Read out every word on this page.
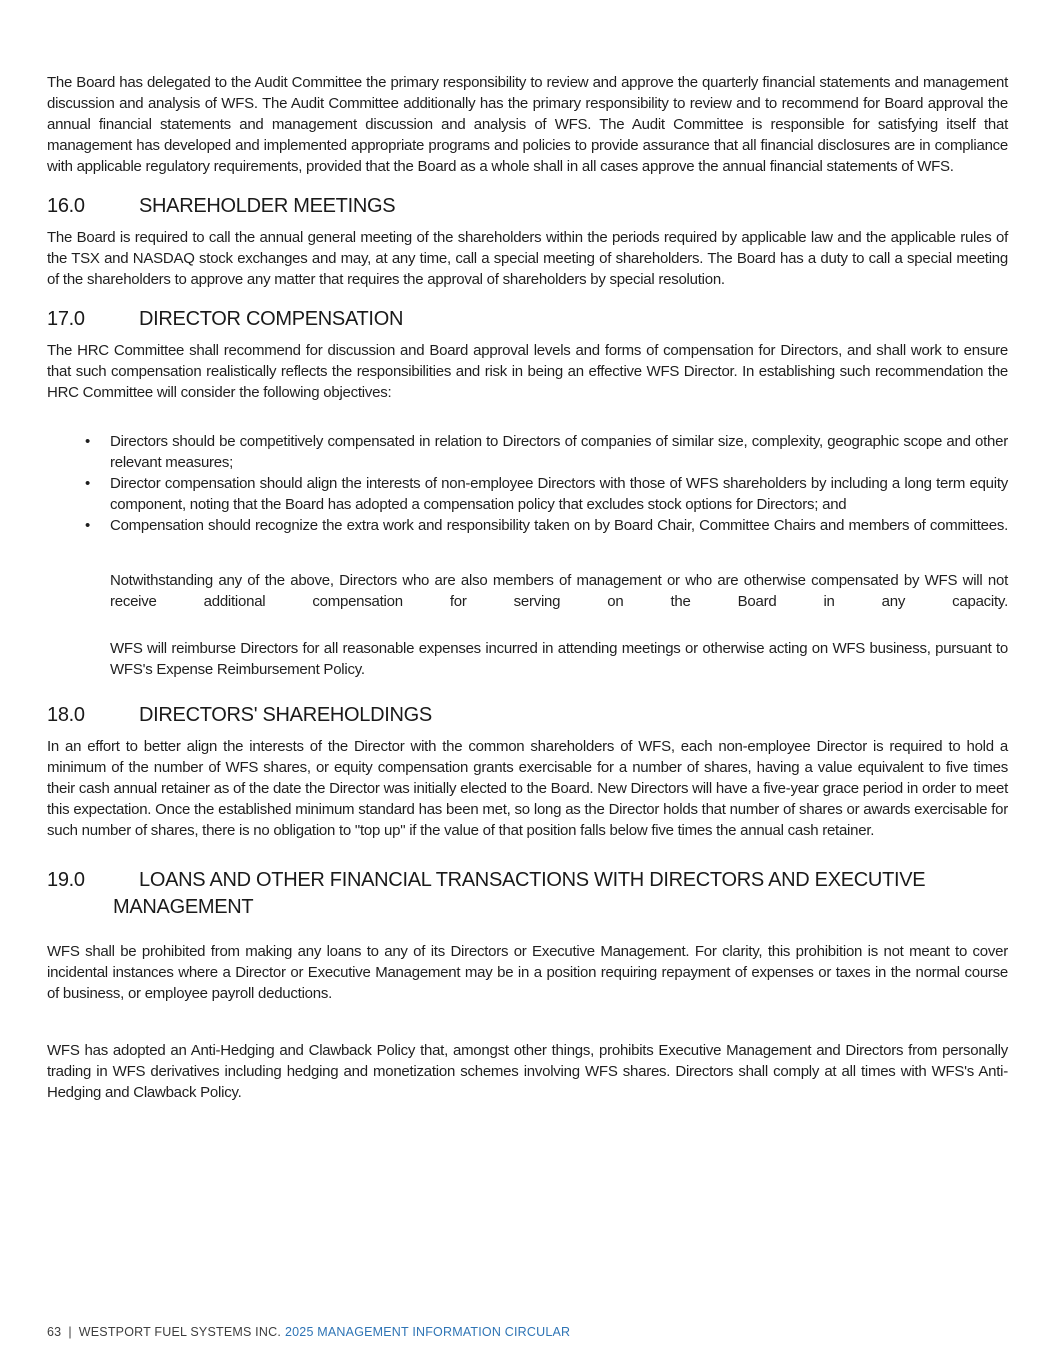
The Board has delegated to the Audit Committee the primary responsibility to review and approve the quarterly financial statements and management discussion and analysis of WFS. The Audit Committee additionally has the primary responsibility to review and to recommend for Board approval the annual financial statements and management discussion and analysis of WFS. The Audit Committee is responsible for satisfying itself that management has developed and implemented appropriate programs and policies to provide assurance that all financial disclosures are in compliance with applicable regulatory requirements, provided that the Board as a whole shall in all cases approve the annual financial statements of WFS.

16.0	SHAREHOLDER MEETINGS

The Board is required to call the annual general meeting of the shareholders within the periods required by applicable law and the applicable rules of the TSX and NASDAQ stock exchanges and may, at any time, call a special meeting of shareholders. The Board has a duty to call a special meeting of the shareholders to approve any matter that requires the approval of shareholders by special resolution.

17.0	DIRECTOR COMPENSATION

The HRC Committee shall recommend for discussion and Board approval levels and forms of compensation for Directors, and shall work to ensure that such compensation realistically reflects the responsibilities and risk in being an effective WFS Director. In establishing such recommendation the HRC Committee will consider the following objectives:

• Directors should be competitively compensated in relation to Directors of companies of similar size, complexity, geographic scope and other relevant measures;
• Director compensation should align the interests of non-employee Directors with those of WFS shareholders by including a long term equity component, noting that the Board has adopted a compensation policy that excludes stock options for Directors; and
• Compensation should recognize the extra work and responsibility taken on by Board Chair, Committee Chairs and members of committees.

Notwithstanding any of the above, Directors who are also members of management or who are otherwise compensated by WFS will not receive additional compensation for serving on the Board in any capacity.

WFS will reimburse Directors for all reasonable expenses incurred in attending meetings or otherwise acting on WFS business, pursuant to WFS's Expense Reimbursement Policy.

18.0	DIRECTORS' SHAREHOLDINGS

In an effort to better align the interests of the Director with the common shareholders of WFS, each non-employee Director is required to hold a minimum of the number of WFS shares, or equity compensation grants exercisable for a number of shares, having a value equivalent to five times their cash annual retainer as of the date the Director was initially elected to the Board. New Directors will have a five-year grace period in order to meet this expectation. Once the established minimum standard has been met, so long as the Director holds that number of shares or awards exercisable for such number of shares, there is no obligation to "top up" if the value of that position falls below five times the annual cash retainer.

19.0	LOANS AND OTHER FINANCIAL TRANSACTIONS WITH DIRECTORS AND EXECUTIVE MANAGEMENT

WFS shall be prohibited from making any loans to any of its Directors or Executive Management. For clarity, this prohibition is not meant to cover incidental instances where a Director or Executive Management may be in a position requiring repayment of expenses or taxes in the normal course of business, or employee payroll deductions.

WFS has adopted an Anti-Hedging and Clawback Policy that, amongst other things, prohibits Executive Management and Directors from personally trading in WFS derivatives including hedging and monetization schemes involving WFS shares. Directors shall comply at all times with WFS's Anti-Hedging and Clawback Policy.

63 | WESTPORT FUEL SYSTEMS INC. 2025 MANAGEMENT INFORMATION CIRCULAR
